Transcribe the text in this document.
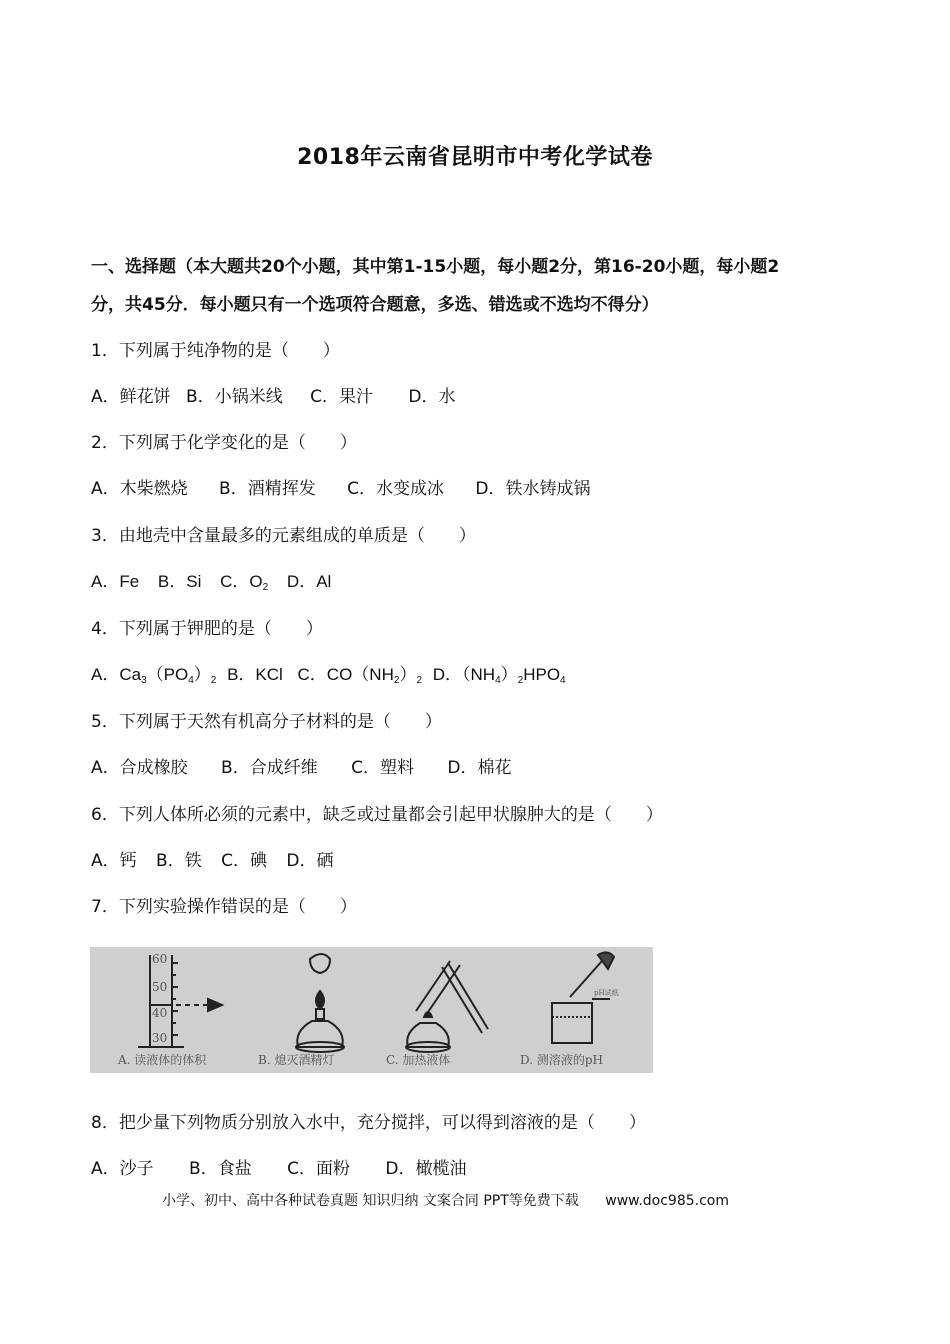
2018年云南省昆明市中考化学试卷
一、选择题（本大题共20个小题，其中第1-15小题，每小题2分，第16-20小题，每小题2
分，共45分．每小题只有一个选项符合题意，多选、错选或不选均不得分）
1．下列属于纯净物的是（　　）
A．鲜花饼 B．小锅米线 C．果汁 D．水
2．下列属于化学变化的是（　　）
A．木柴燃烧 B．酒精挥发 C．水变成冰 D．铁水铸成锅
3．由地壳中含量最多的元素组成的单质是（　　）
A．Fe B．Si C．$O_2$ D．Al
4．下列属于钾肥的是（　　）
A．$Ca_3(PO_4)_2$ B．KCl C．$CO(NH_2)_2$ D．$(NH_4)_2HPO_4$
5．下列属于天然有机高分子材料的是（　　）
A．合成橡胶 B．合成纤维 C．塑料 D．棉花
6．下列人体所必须的元素中，缺乏或过量都会引起甲状腺肿大的是（　　）
A．钙 B．铁 C．碘 D．硒
7．下列实验操作错误的是（　　）
60
50
40
30
pH试纸
A. 读液体的体积	B. 熄灭酒精灯	C. 加热液体	D. 测溶液的pH
8．把少量下列物质分别放入水中，充分搅拌，可以得到溶液的是（　　）
A．沙子 B．食盐 C．面粉 D．橄榄油
小学、初中、高中各种试卷真题 知识归纳 文案合同 PPT等免费下载 www.doc985.com
